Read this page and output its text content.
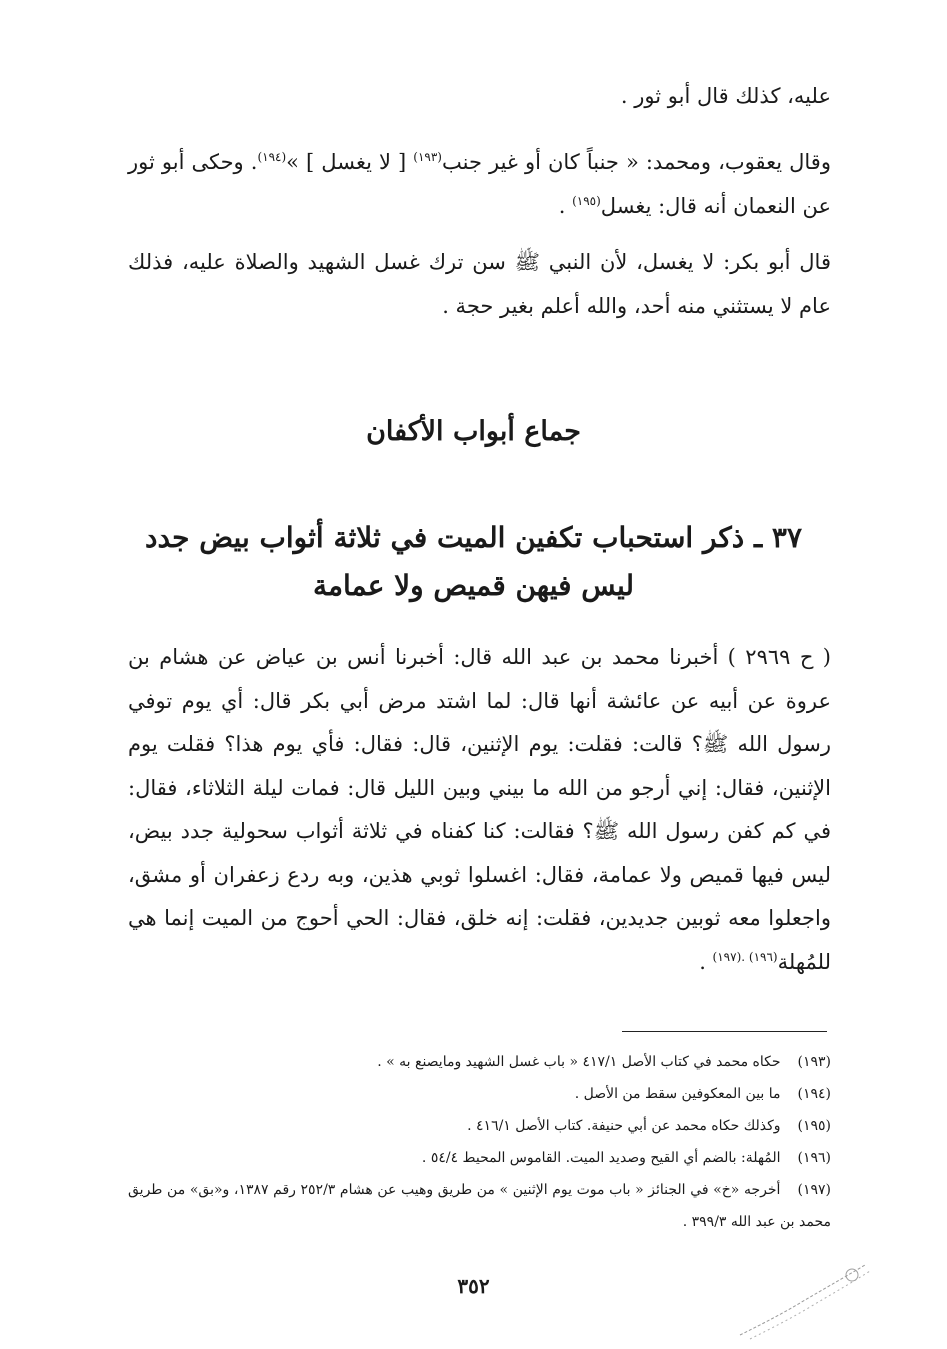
عليه، كذلك قال أبو ثور .

وقال يعقوب، ومحمد: « جنباً كان أو غير جنب$^{(١٩٣)}$ [ لا يغسل ] »$^{(١٩٤)}$. وحكى أبو ثور عن النعمان أنه قال: يغسل$^{(١٩٥)}$ .

قال أبو بكر: لا يغسل، لأن النبي ﷺ سن ترك غسل الشهيد والصلاة عليه، فذلك عام لا يستثني منه أحد، والله أعلم بغير حجة .

جماع أبواب الأكفان
٣٧ ـ ذكر استحباب تكفين الميت في ثلاثة أثواب بيض جدد
ليس فيهن قميص ولا عمامة

( ح ٢٩٦٩ ) أخبرنا محمد بن عبد الله قال: أخبرنا أنس بن عياض عن هشام بن عروة عن أبيه عن عائشة أنها قال: لما اشتد مرض أبي بكر قال: أي يوم توفي رسول الله ﷺ؟ قالت: فقلت: يوم الإثنين، قال: فقال: فأي يوم هذا؟ فقلت يوم الإثنين، فقال: إني أرجو من الله ما بيني وبين الليل قال: فمات ليلة الثلاثاء، فقال: في كم كفن رسول الله ﷺ؟ فقالت: كنا كفناه في ثلاثة أثواب سحولية جدد بيض، ليس فيها قميص ولا عمامة، فقال: اغسلوا ثوبي هذين، وبه ردع زعفران أو مشق، واجعلوا معه ثوبين جديدين، فقلت: إنه خلق، فقال: الحي أحوج من الميت إنما هي للمُهلة$^{(١٩٦)}$ $^{.(١٩٧)}$ .

(١٩٣) حكاه محمد في كتاب الأصل ٤١٧/١ « باب غسل الشهيد ومايصنع به » .

(١٩٤) ما بين المعكوفين سقط من الأصل .

(١٩٥) وكذلك حكاه محمد عن أبي حنيفة. كتاب الأصل ٤١٦/١ .

(١٩٦) المُهلة: بالضم أي القيح وصديد الميت. القاموس المحيط ٥٤/٤ .

(١٩٧) أخرجه «خ» في الجنائز « باب موت يوم الإثنين » من طريق وهيب عن هشام ٢٥٢/٣ رقم ١٣٨٧، و«بق» من طريق محمد بن عبد الله ٣٩٩/٣ .

٣٥٢
